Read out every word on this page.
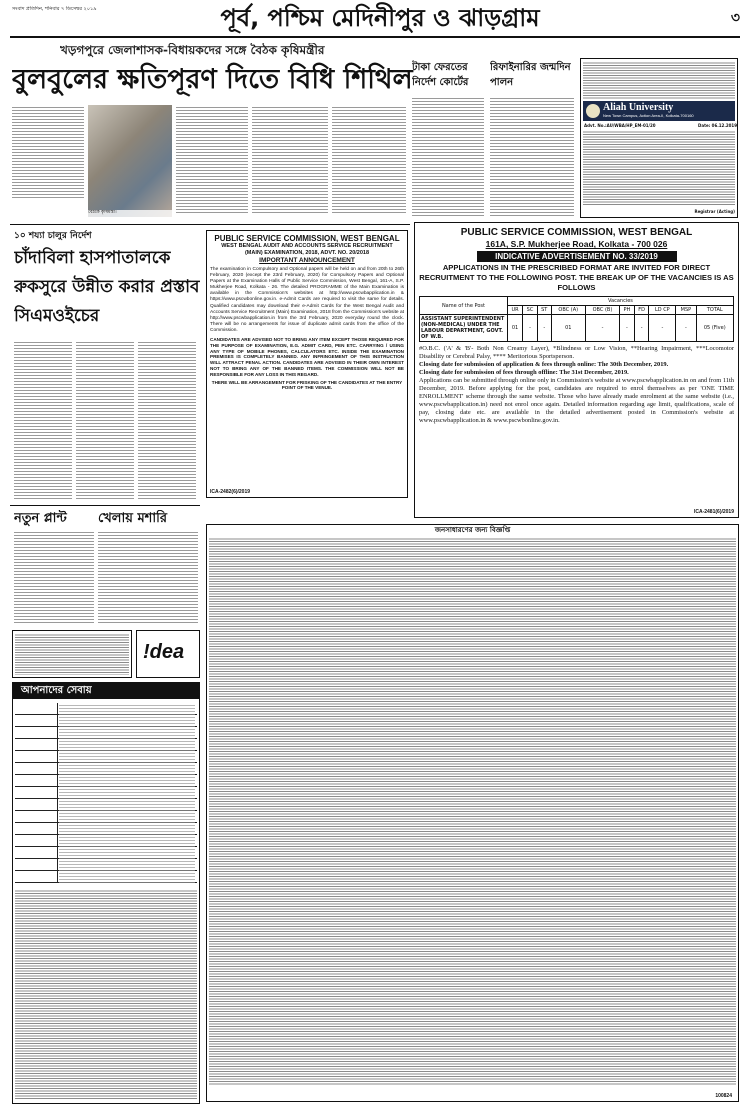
সংবাদ প্রতিদিন, শনিবার ৭ ডিসেম্বর ২০১৯	পূর্ব, পশ্চিম মেদিনীপুর ও ঝাড়গ্রাম	৩
খড়গপুরে জেলাশাসক-বিধায়কদের সঙ্গে বৈঠক কৃষিমন্ত্রীর
বুলবুলের ক্ষতিপূরণ দিতে বিধি শিথিল
বৈঠকে কৃষিমন্ত্রী।
টাকা ফেরতের নির্দেশ কোর্টের
রিফাইনারির জন্মদিন পালন
Aliah University
New Town Campus, Action Area-II, Kolkata-700160
Advt. No.:AU/WBA/HP_EM-01/20	Date: 06.12.2019
Registrar (Acting)
১০ শয্যা চালুর নির্দেশ
চাঁদাবিলা হাসপাতালকে রুকসুরে উন্নীত করার প্রস্তাব সিএমওইচের
নতুন প্লান্ট	খেলায় মশারি
PUBLIC SERVICE COMMISSION, WEST BENGAL
WEST BENGAL AUDIT AND ACCOUNTS SERVICE RECRUITMENT
(MAIN) EXAMINATION, 2018, ADVT. NO. 20/2018
IMPORTANT ANNOUNCEMENT
The examination in Compulsory and Optional papers will be held on and from 20th to 26th February, 2020 (except the 23rd February, 2020) for Compulsory Papers and Optional Papers at the Examination Halls of Public Service Commission, West Bengal, 161-A, S.P. Mukherjee Road, Kolkata - 26. The detailed PROGRAMME of the Main Examination is available in the Commission's websites at http://www.pscwbapplication.in & https://www.pscwbonline.gov.in. e-Admit Cards are required to visit the same for details. Qualified candidates may download their e-Admit Cards for the West Bengal Audit and Accounts Service Recruitment (Main) Examination, 2018 from the Commission's website at http://www.pscwbapplication.in from the 3rd February, 2020 everyday round the clock. There will be no arrangements for issue of duplicate admit cards from the office of the Commission.
CANDIDATES ARE ADVISED NOT TO BRING ANY ITEM EXCEPT THOSE REQUIRED FOR THE PURPOSE OF EXAMINATION, E.G. ADMIT CARD, PEN ETC. CARRYING / USING ANY TYPE OF MOBILE PHONES, CALCULATORS ETC. INSIDE THE EXAMINATION PREMISES IS COMPLETELY BANNED. ANY INFRINGEMENT OF THIS INSTRUCTION WILL ATTRACT PENAL ACTION. CANDIDATES ARE ADVISED IN THEIR OWN INTEREST NOT TO BRING ANY OF THE BANNED ITEMS. THE COMMISSION WILL NOT BE RESPONSIBLE FOR ANY LOSS IN THIS REGARD.
THERE WILL BE ARRANGEMENT FOR FRISKING OF THE CANDIDATES AT THE ENTRY POINT OF THE VENUE.
ICA-2482(6)/2019
PUBLIC SERVICE COMMISSION, WEST BENGAL
161A, S.P. Mukherjee Road, Kolkata - 700 026
INDICATIVE ADVERTISEMENT NO. 33/2019
APPLICATIONS IN THE PRESCRIBED FORMAT ARE INVITED FOR DIRECT RECRUITMENT TO THE FOLLOWING POST. THE BREAK UP OF THE VACANCIES IS AS FOLLOWS
Name of the Post	Vacancies									
	UR	SC	ST	OBC (A)	OBC (B)	PH	FD	LD CP	MSP	TOTAL
ASSISTANT SUPERINTENDENT (NON-MEDICAL) UNDER THE LABOUR DEPARTMENT, GOVT. OF W.B.	01	-	-	01	-	-	-	-	-	05 (Five)
#O.B.C. ('A' & 'B'- Both Non Creamy Layer), *Blindness or Low Vision, **Hearing Impairment, ***Locomotor Disability or Cerebral Palsy, **** Meritorious Sportsperson.
Closing date for submission of application & fees through online: The 30th December, 2019.
Closing date for submission of fees through offline: The 31st December, 2019.
Applications can be submitted through online only in Commission's website at www.pscwbapplication.in on and from 11th December, 2019. Before applying for the post, candidates are required to enrol themselves as per 'ONE TIME ENROLLMENT' scheme through the same website. Those who have already made enrolment at the same website (i.e., www.pscwbapplication.in) need not enrol once again. Detailed information regarding age limit, qualifications, scale of pay, closing date etc. are available in the detailed advertisement posted in Commission's website at www.pscwbapplication.in & www.pscwbonline.gov.in.
ICA-2481(6)/2019
!dea
আপনাদের সেবায়
জনসাধারণের জন্য বিজ্ঞপ্তি
100824
